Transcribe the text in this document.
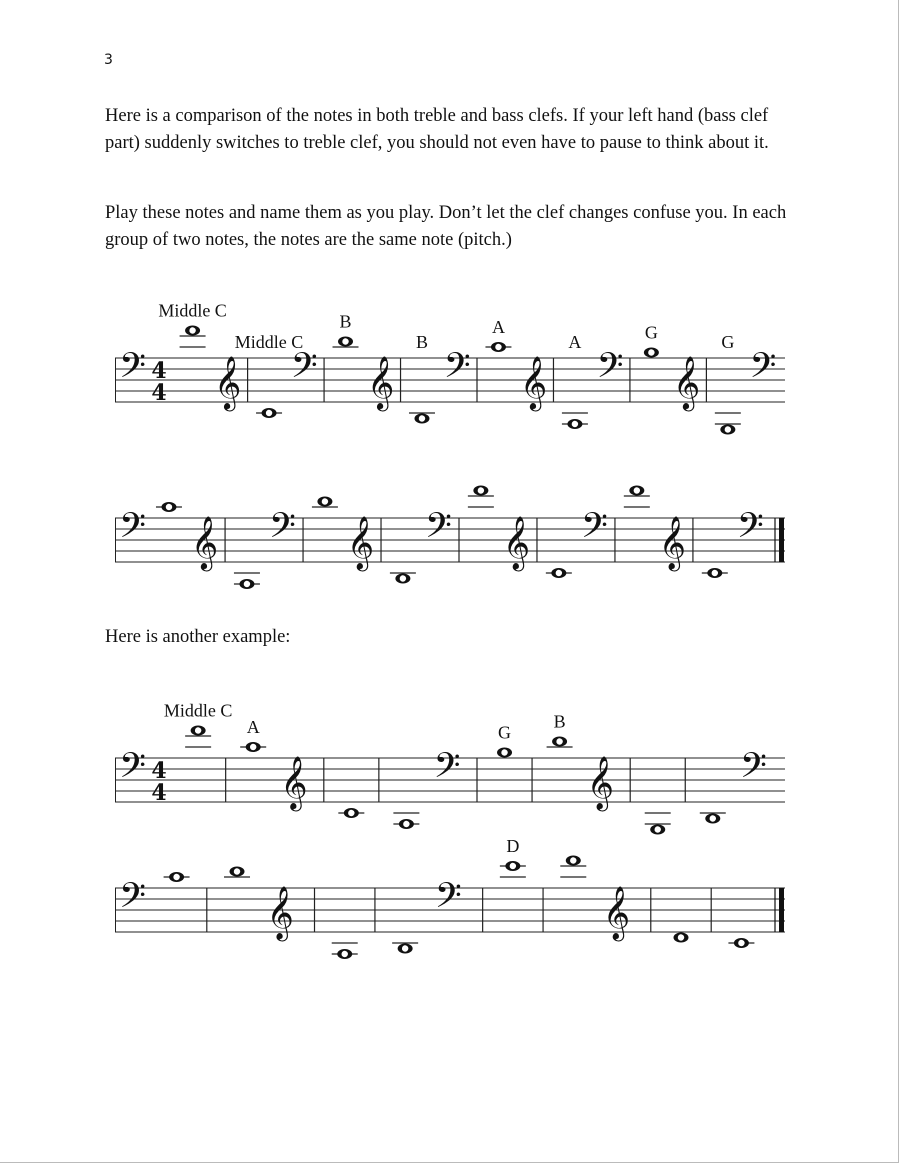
3

Here is a comparison of the notes in both treble and bass clefs. If your left hand (bass clef part) suddenly switches to treble clef, you should not even have to pause to think about it.

Play these notes and name them as you play. Don’t let the clef changes confuse you. In each group of two notes, the notes are the same note (pitch.)

𝄢 4
4
Middle C
𝄞
Middle C
𝄢
B
𝄞
B
𝄢
A
𝄞
A
𝄢
G
𝄞
G
𝄢
𝄢 𝄞 𝄢 𝄞 𝄢 𝄞 𝄢 𝄞 𝄢

Here is another example:

𝄢 4
4
Middle C
A
𝄞	𝄢
G
B
𝄞	𝄢
𝄢	𝄞	𝄢
D
𝄞
